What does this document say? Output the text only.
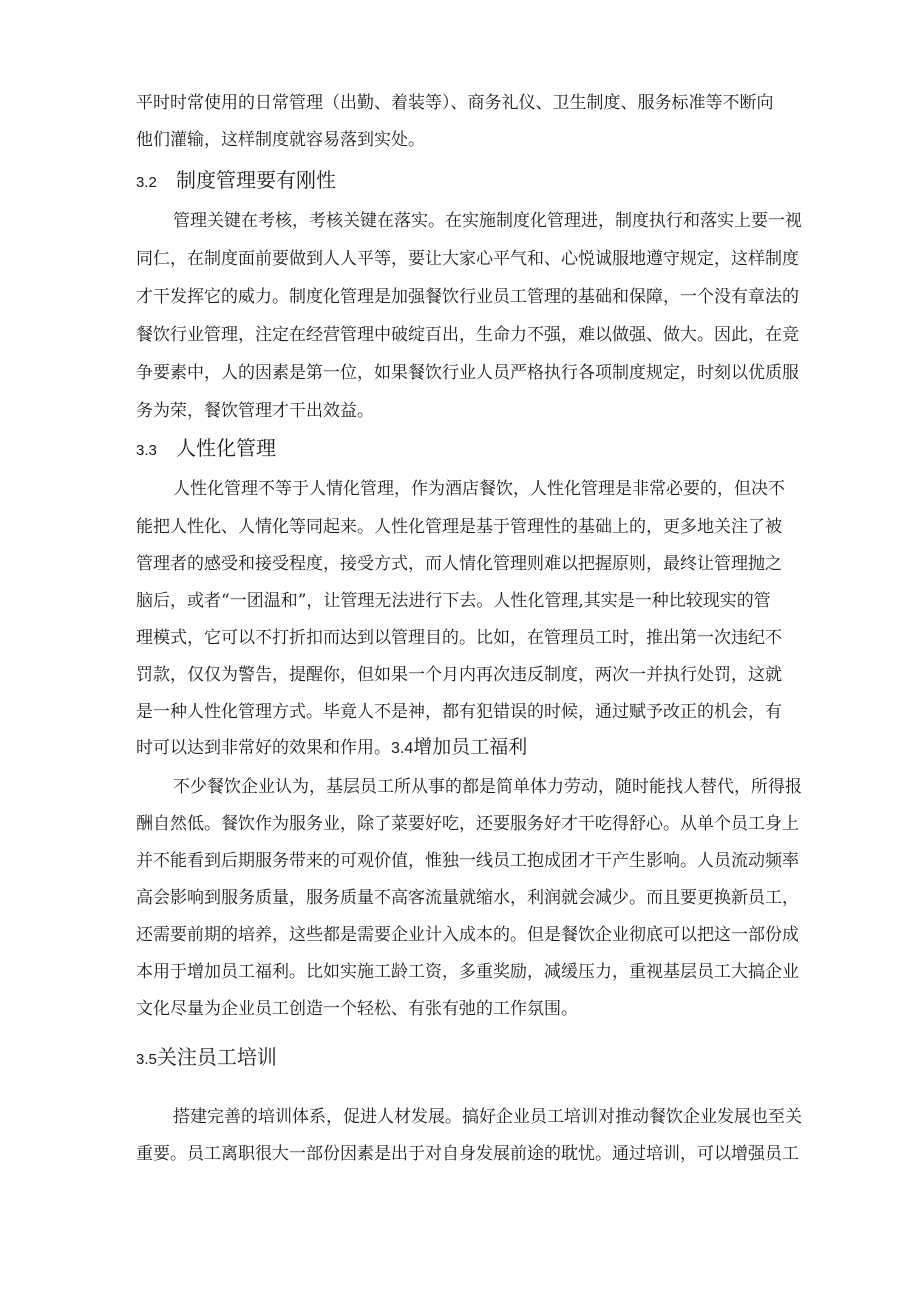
平时时常使用的日常管理（出勤、着装等）、商务礼仪、卫生制度、服务标准等不断向
他们灌输，这样制度就容易落到实处。
3.2 制度管理要有刚性
管理关键在考核，考核关键在落实。在实施制度化管理进，制度执行和落实上要一视
同仁，在制度面前要做到人人平等，要让大家心平气和、心悦诚服地遵守规定，这样制度
才干发挥它的威力。制度化管理是加强餐饮行业员工管理的基础和保障，一个没有章法的
餐饮行业管理，注定在经营管理中破绽百出，生命力不强，难以做强、做大。因此，在竞
争要素中，人的因素是第一位，如果餐饮行业人员严格执行各项制度规定，时刻以优质服
务为荣，餐饮管理才干出效益。
3.3 人性化管理
人性化管理不等于人情化管理，作为酒店餐饮，人性化管理是非常必要的，但决不
能把人性化、人情化等同起来。人性化管理是基于管理性的基础上的，更多地关注了被
管理者的感受和接受程度，接受方式，而人情化管理则难以把握原则，最终让管理抛之
脑后，或者“一团温和”，让管理无法进行下去。人性化管理,其实是一种比较现实的管
理模式，它可以不打折扣而达到以管理目的。比如，在管理员工时，推出第一次违纪不
罚款，仅仅为警告，提醒你，但如果一个月内再次违反制度，两次一并执行处罚，这就
是一种人性化管理方式。毕竟人不是神，都有犯错误的时候，通过赋予改正的机会，有
时可以达到非常好的效果和作用。3.4增加员工福利
不少餐饮企业认为，基层员工所从事的都是简单体力劳动，随时能找人替代，所得报
酬自然低。餐饮作为服务业，除了菜要好吃，还要服务好才干吃得舒心。从单个员工身上
并不能看到后期服务带来的可观价值，惟独一线员工抱成团才干产生影响。人员流动频率
高会影响到服务质量，服务质量不高客流量就缩水，利润就会减少。而且要更换新员工，
还需要前期的培养，这些都是需要企业计入成本的。但是餐饮企业彻底可以把这一部份成
本用于增加员工福利。比如实施工龄工资，多重奖励，减缓压力，重视基层员工大搞企业
文化尽量为企业员工创造一个轻松、有张有弛的工作氛围。
3.5关注员工培训
搭建完善的培训体系，促进人材发展。搞好企业员工培训对推动餐饮企业发展也至关
重要。员工离职很大一部份因素是出于对自身发展前途的耽忧。通过培训，可以增强员工
